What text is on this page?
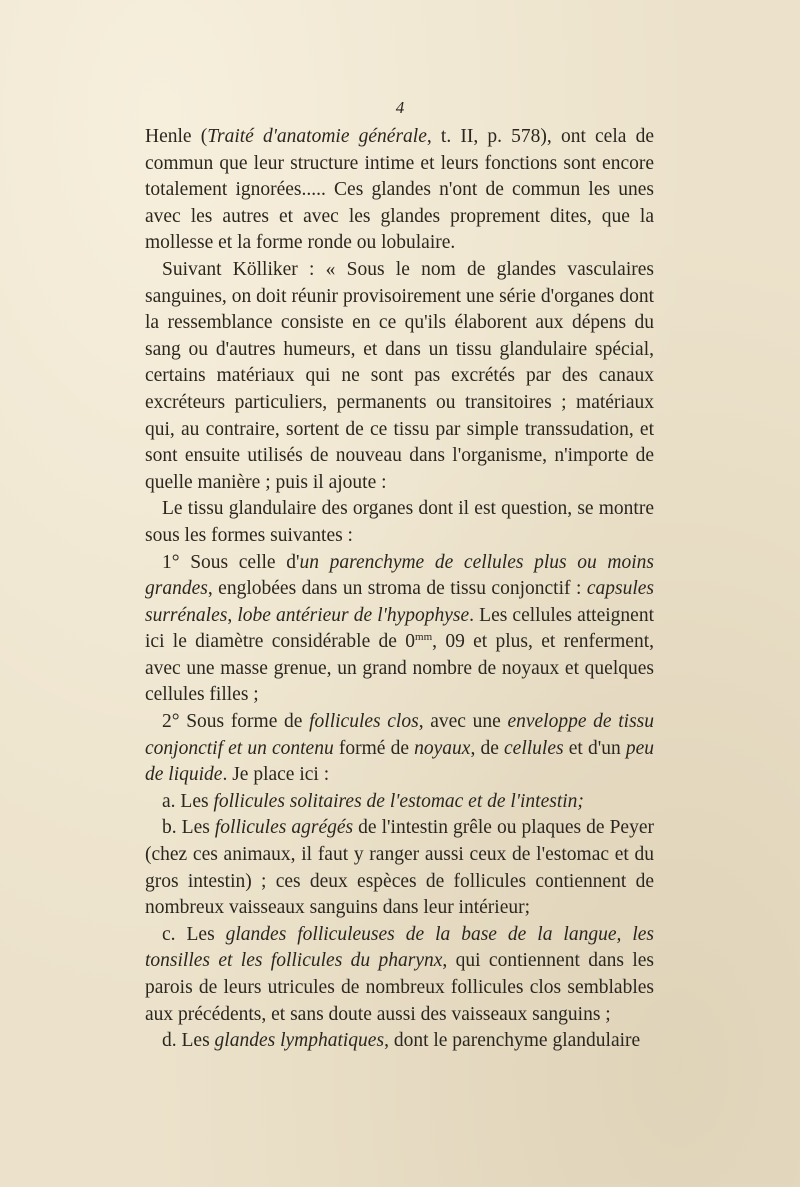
4

Henle (Traité d'anatomie générale, t. II, p. 578), ont cela de commun que leur structure intime et leurs fonctions sont encore totalement ignorées..... Ces glandes n'ont de commun les unes avec les autres et avec les glandes proprement dites, que la mollesse et la forme ronde ou lobulaire.

Suivant Kölliker : « Sous le nom de glandes vasculaires sanguines, on doit réunir provisoirement une série d'organes dont la ressemblance consiste en ce qu'ils élaborent aux dépens du sang ou d'autres humeurs, et dans un tissu glandulaire spécial, certains matériaux qui ne sont pas excrétés par des canaux excréteurs particuliers, permanents ou transitoires ; matériaux qui, au contraire, sortent de ce tissu par simple transsudation, et sont ensuite utilisés de nouveau dans l'organisme, n'importe de quelle manière ; puis il ajoute :

Le tissu glandulaire des organes dont il est question, se montre sous les formes suivantes :

1° Sous celle d'un parenchyme de cellules plus ou moins grandes, englobées dans un stroma de tissu conjonctif : capsules surrénales, lobe antérieur de l'hypophyse. Les cellules atteignent ici le diamètre considérable de $0^{mm}$, 09 et plus, et renferment, avec une masse grenue, un grand nombre de noyaux et quelques cellules filles ;

2° Sous forme de follicules clos, avec une enveloppe de tissu conjonctif et un contenu formé de noyaux, de cellules et d'un peu de liquide. Je place ici :

a. Les follicules solitaires de l'estomac et de l'intestin;

b. Les follicules agrégés de l'intestin grêle ou plaques de Peyer (chez ces animaux, il faut y ranger aussi ceux de l'estomac et du gros intestin) ; ces deux espèces de follicules contiennent de nombreux vaisseaux sanguins dans leur intérieur;

c. Les glandes folliculeuses de la base de la langue, les tonsilles et les follicules du pharynx, qui contiennent dans les parois de leurs utricules de nombreux follicules clos semblables aux précédents, et sans doute aussi des vaisseaux sanguins ;

d. Les glandes lymphatiques, dont le parenchyme glandulaire
